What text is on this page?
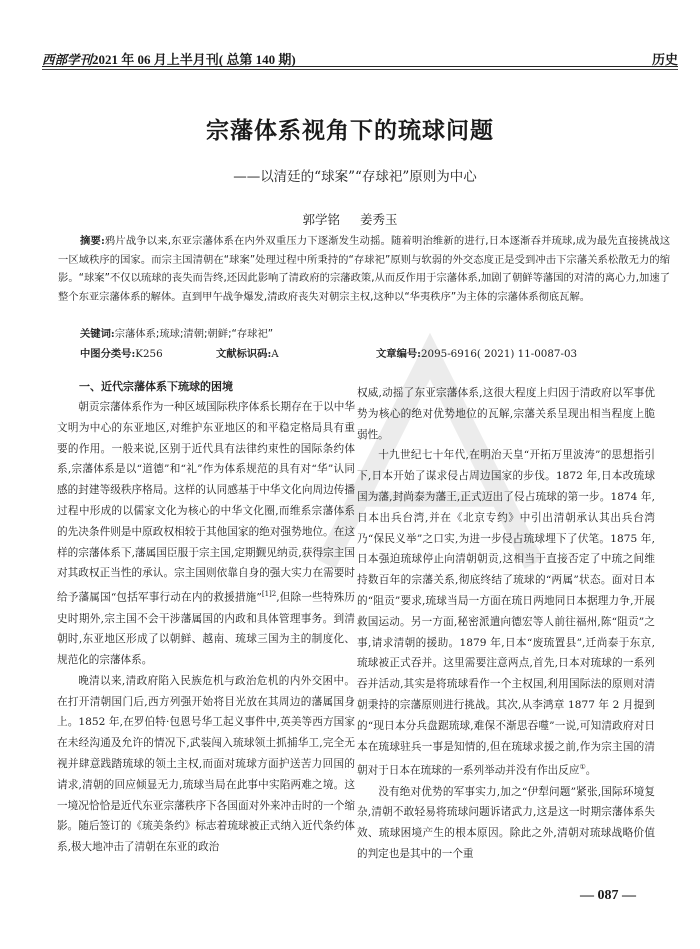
西部学刊2021 年 06 月上半月刊( 总第 140 期)	历史
宗藩体系视角下的琉球问题
——以清廷的“球案”“存球祀”原则为中心
郭学铭 姜秀玉
摘要:鸦片战争以来,东亚宗藩体系在内外双重压力下逐渐发生动摇。随着明治维新的进行,日本逐渐吞并琉球,成为最先直接挑战这一区域秩序的国家。而宗主国清朝在“球案”处理过程中所秉持的“存球祀”原则与软弱的外交态度正是受到冲击下宗藩关系松散无力的缩影。“球案”不仅以琉球的丧失而告终,还因此影响了清政府的宗藩政策,从而反作用于宗藩体系,加剧了朝鲜等藩国的对清的离心力,加速了整个东亚宗藩体系的解体。直到甲午战争爆发,清政府丧失对朝宗主权,这种以“华夷秩序”为主体的宗藩体系彻底瓦解。
关键词:宗藩体系;琉球;清朝;朝鲜;“存球祀”
中图分类号:K256	文献标识码:A	文章编号:2095-6916( 2021) 11-0087-03
一、近代宗藩体系下琉球的困境

朝贡宗藩体系作为一种区域国际秩序体系长期存在于以中华文明为中心的东亚地区,对维护东亚地区的和平稳定格局具有重要的作用。一般来说,区别于近代具有法律约束性的国际条约体系,宗藩体系是以“道德”和“礼”作为体系规范的具有对“华”认同感的封建等级秩序格局。这样的认同感基于中华文化向周边传播过程中形成的以儒家文化为核心的中华文化圈,而维系宗藩体系的先决条件则是中原政权相较于其他国家的绝对强势地位。在这样的宗藩体系下,藩属国臣服于宗主国,定期觐见纳贡,获得宗主国对其政权正当性的承认。宗主国则依靠自身的强大实力在需要时给予藩属国“包括军事行动在内的救援措施”$^{[1]2}$,但除一些特殊历史时期外,宗主国不会干涉藩属国的内政和具体管理事务。到清朝时,东亚地区形成了以朝鲜、越南、琉球三国为主的制度化、规范化的宗藩体系。

晚清以来,清政府陷入民族危机与政治危机的内外交困中。在打开清朝国门后,西方列强开始将目光放在其周边的藩属国身上。1852 年,在罗伯特·包恩号华工起义事件中,英美等西方国家在未经沟通及允许的情况下,武装闯入琉球领土抓捕华工,完全无视并肆意践踏琉球的领土主权,而面对琉球方面护送苦力回国的请求,清朝的回应倾显无力,琉球当局在此事中实陷两难之境。这一境况恰恰是近代东亚宗藩秩序下各国面对外来冲击时的一个缩影。随后签订的《琉美条约》标志着琉球被正式纳入近代条约体系,极大地冲击了清朝在东亚的政治

权威,动摇了东亚宗藩体系,这很大程度上归因于清政府以军事优势为核心的绝对优势地位的瓦解,宗藩关系呈现出相当程度上脆弱性。

十九世纪七十年代,在明治天皇“开拓万里波涛”的思想指引下,日本开始了谋求侵占周边国家的步伐。1872 年,日本改琉球国为藩,封尚泰为藩王,正式迈出了侵占琉球的第一步。1874 年,日本出兵台湾,并在《北京专约》中引出清朝承认其出兵台湾乃“保民义举”之口实,为进一步侵占琉球埋下了伏笔。1875 年,日本强迫琉球停止向清朝朝贡,这相当于直接否定了中琉之间维持数百年的宗藩关系,彻底终结了琉球的“两属”状态。面对日本的“阻贡”要求,琉球当局一方面在琉日两地同日本据理力争,开展救国运动。另一方面,秘密派遣向德宏等人前往福州,陈“阻贡”之事,请求清朝的援助。1879 年,日本“废琉置县”,迁尚泰于东京,琉球被正式吞并。这里需要注意两点,首先,日本对琉球的一系列吞并活动,其实是将琉球看作一个主权国,利用国际法的原则对清朝秉持的宗藩原则进行挑战。其次,从李鸿章 1877 年 2 月提到的“现日本分兵盘踞琉球,难保不渐思吞噬”一说,可知清政府对日本在琉球驻兵一事是知情的,但在琉球求援之前,作为宗主国的清朝对于日本在琉球的一系列举动并没有作出反应①。

没有绝对优势的军事实力,加之“伊犁问题”紧张,国际环境复杂,清朝不敢轻易将琉球问题诉诸武力,这是这一时期宗藩体系失效、琉球困境产生的根本原因。除此之外,清朝对琉球战略价值的判定也是其中的一个重

— 087 —
